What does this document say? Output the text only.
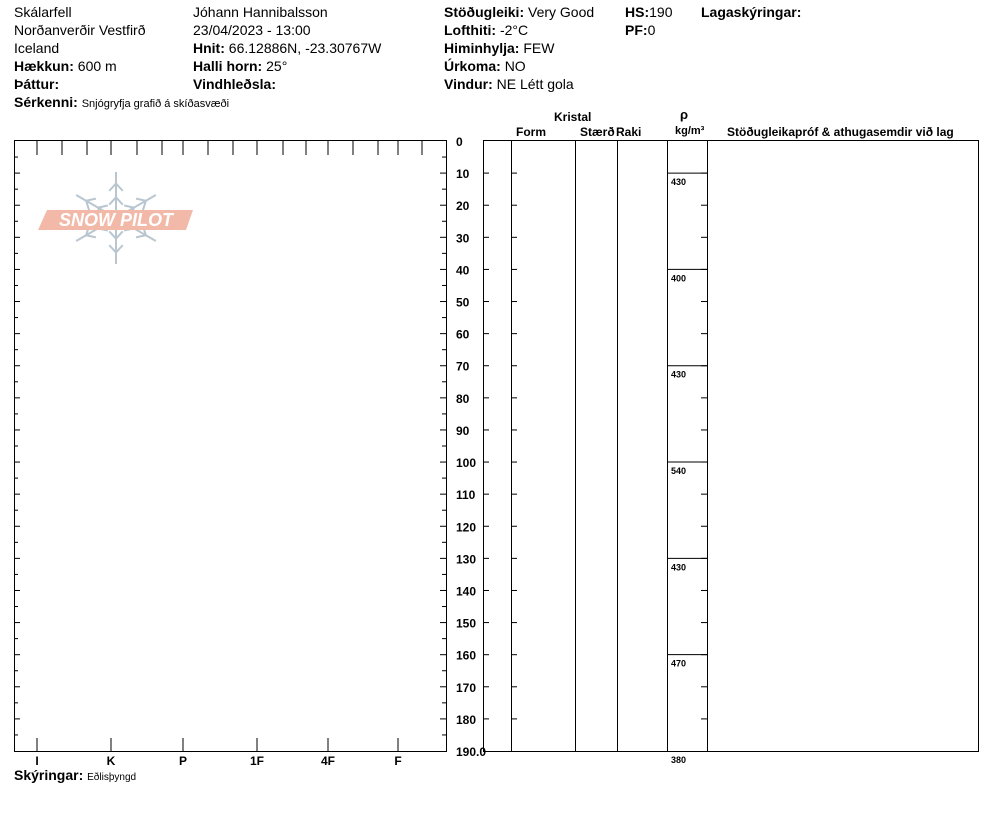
Skálarfell
Norðanverðir Vestfirð
Iceland
Hækkun: 600 m
Þáttur:
Sérkenni: Snjógryfja grafið á skíðasvæði
Jóhann Hannibalsson
23/04/2023 - 13:00
Hnit: 66.12886N, -23.30767W
Halli horn: 25°
Vindhleðsla:
Stöðugleiki: Very Good
Lofthiti: -2°C
Himinhylja: FEW
Úrkoma: NO
Vindur: NE Létt gola
HS:190
PF:0
Lagaskýringar:
Kristal
Form	Stærð Raki
ρ
kg/m³ Stöðugleikapróf & athugasemdir við lag
SNOW PILOT
0
10
20
30
40
50
60
70
80
90
100
110
120
130
140
150
160
170
180
190.0
I	K	P	1F	4F	F
430
400
430
540
430
470
380
Skýringar: Eðlisþyngd
